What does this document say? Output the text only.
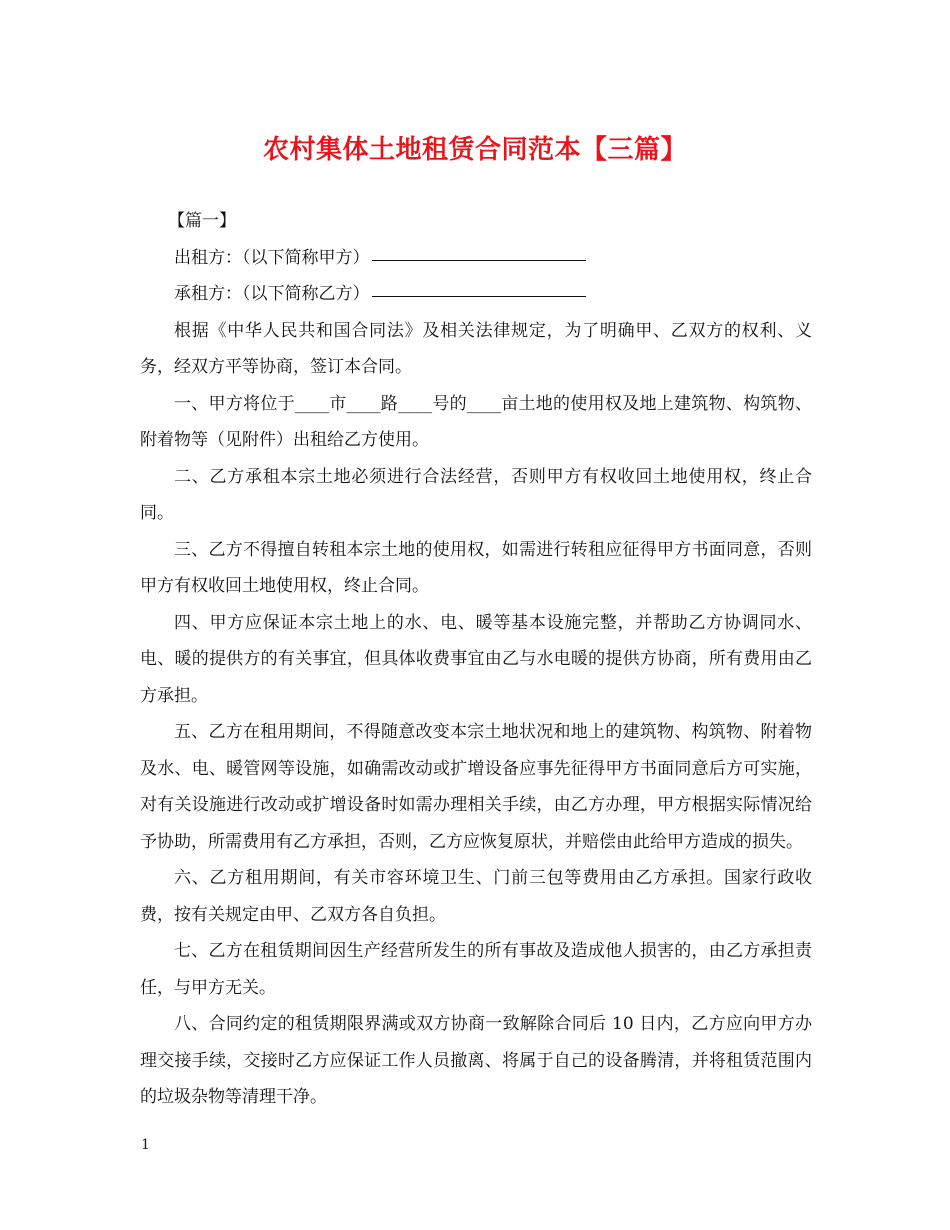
农村集体土地租赁合同范本【三篇】

【篇一】

出租方：（以下简称甲方）

承租方：（以下简称乙方）

根据《中华人民共和国合同法》及相关法律规定，为了明确甲、乙双方的权利、义务，经双方平等协商，签订本合同。

一、甲方将位于____市____路____号的____亩土地的使用权及地上建筑物、构筑物、附着物等（见附件）出租给乙方使用。

二、乙方承租本宗土地必须进行合法经营，否则甲方有权收回土地使用权，终止合同。

三、乙方不得擅自转租本宗土地的使用权，如需进行转租应征得甲方书面同意，否则甲方有权收回土地使用权，终止合同。

四、甲方应保证本宗土地上的水、电、暖等基本设施完整，并帮助乙方协调同水、电、暖的提供方的有关事宜，但具体收费事宜由乙与水电暖的提供方协商，所有费用由乙方承担。

五、乙方在租用期间，不得随意改变本宗土地状况和地上的建筑物、构筑物、附着物及水、电、暖管网等设施，如确需改动或扩增设备应事先征得甲方书面同意后方可实施，对有关设施进行改动或扩增设备时如需办理相关手续，由乙方办理，甲方根据实际情况给予协助，所需费用有乙方承担，否则，乙方应恢复原状，并赔偿由此给甲方造成的损失。

六、乙方租用期间，有关市容环境卫生、门前三包等费用由乙方承担。国家行政收费，按有关规定由甲、乙双方各自负担。

七、乙方在租赁期间因生产经营所发生的所有事故及造成他人损害的，由乙方承担责任，与甲方无关。

八、合同约定的租赁期限界满或双方协商一致解除合同后 10 日内，乙方应向甲方办理交接手续，交接时乙方应保证工作人员撤离、将属于自己的设备腾清，并将租赁范围内的垃圾杂物等清理干净。

1
